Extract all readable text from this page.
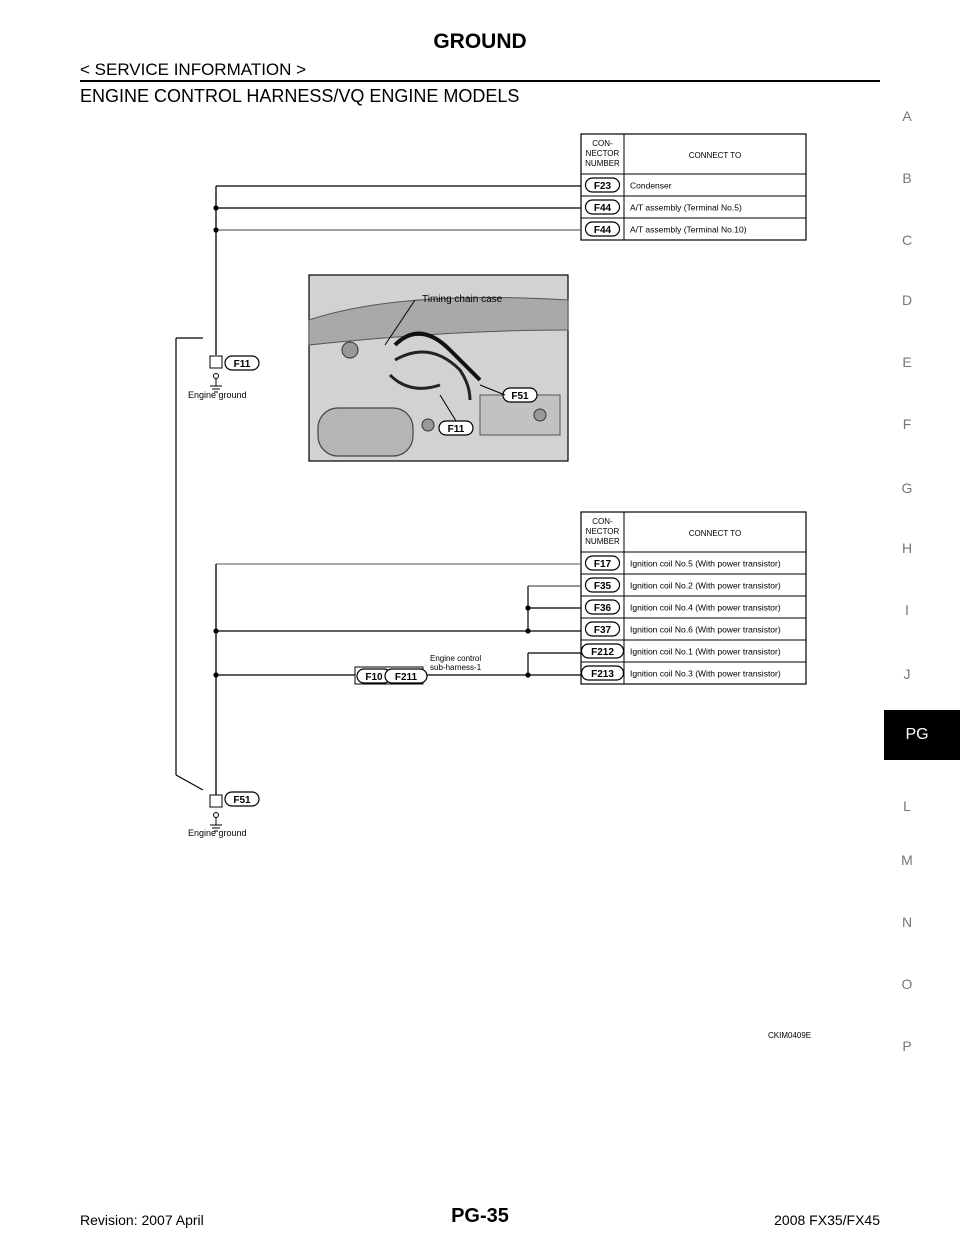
GROUND
< SERVICE INFORMATION >
ENGINE CONTROL HARNESS/VQ ENGINE MODELS
PG
A
B
C
D
E
F
G
H
I
J
L
M
N
O
P
CON-
NECTOR
NUMBER
CONNECT TO
F23 Condenser
F44 A/T assembly (Terminal No.5)
F44 A/T assembly (Terminal No.10)
CON-
NECTOR
NUMBER
CONNECT TO
F17 Ignition coil No.5 (With power transistor)
F35 Ignition coil No.2 (With power transistor)
F36 Ignition coil No.4 (With power transistor)
F37 Ignition coil No.6 (With power transistor)
F212 Ignition coil No.1 (With power transistor)
F213 Ignition coil No.3 (With power transistor)
F11
Engine ground
F10 F211
Engine control
sub-harness-1
F51
Engine ground
Timing chain case
F51
F11
CKIM0409E
Revision: 2007 April	PG-35	2008 FX35/FX45
